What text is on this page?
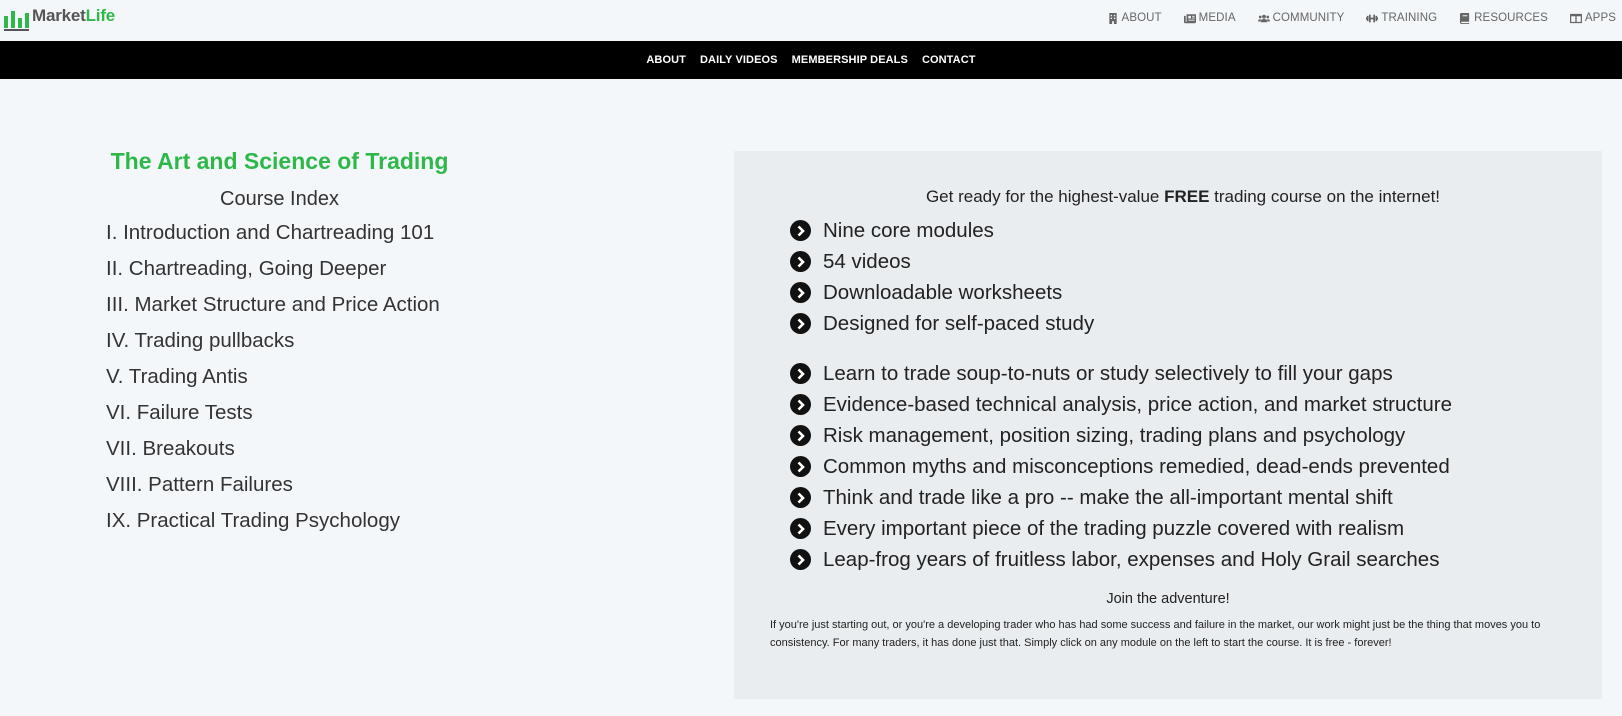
MarketLife	ABOUT	MEDIA	COMMUNITY	TRAINING	RESOURCES	APPS
ABOUT DAILY VIDEOS MEMBERSHIP DEALS CONTACT
The Art and Science of Trading
Course Index
I. Introduction and Chartreading 101
II. Chartreading, Going Deeper
III. Market Structure and Price Action
IV. Trading pullbacks
V. Trading Antis
VI. Failure Tests
VII. Breakouts
VIII. Pattern Failures
IX. Practical Trading Psychology

Get ready for the highest-value FREE trading course on the internet!

Nine core modules
54 videos
Downloadable worksheets
Designed for self-paced study
Learn to trade soup-to-nuts or study selectively to fill your gaps
Evidence-based technical analysis, price action, and market structure
Risk management, position sizing, trading plans and psychology
Common myths and misconceptions remedied, dead-ends prevented
Think and trade like a pro -- make the all-important mental shift
Every important piece of the trading puzzle covered with realism
Leap-frog years of fruitless labor, expenses and Holy Grail searches

Join the adventure!

If you're just starting out, or you're a developing trader who has had some success and failure in the market, our work might just be the thing that moves you to consistency. For many traders, it has done just that. Simply click on any module on the left to start the course. It is free - forever!
